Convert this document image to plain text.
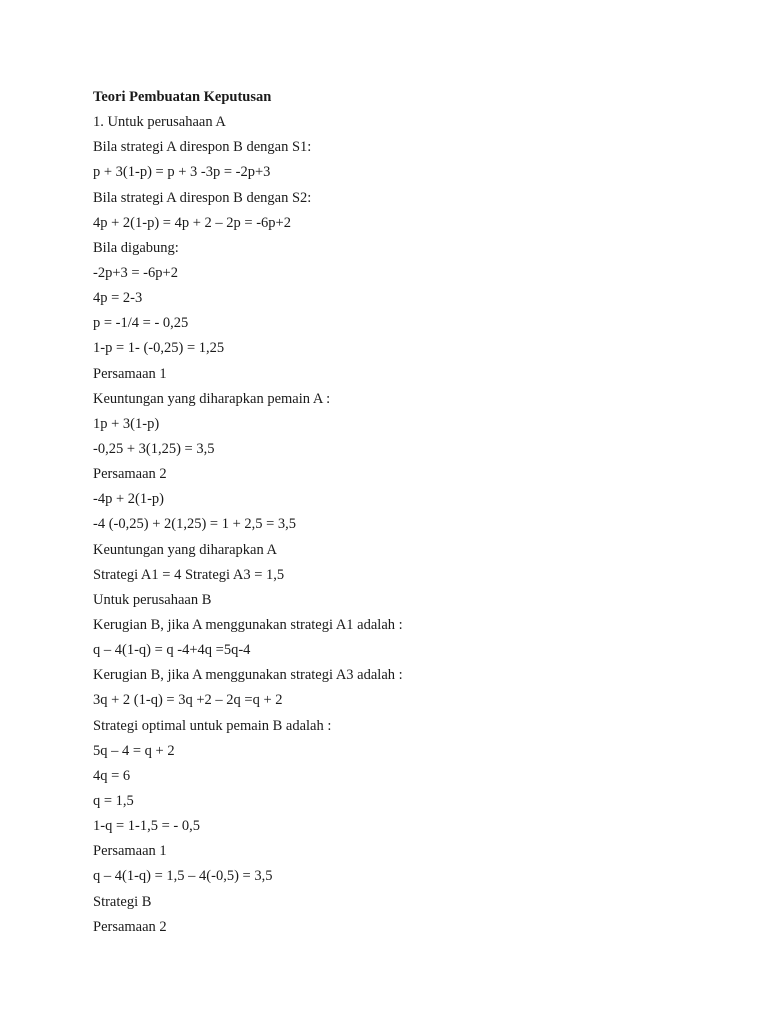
Teori Pembuatan Keputusan
1. Untuk perusahaan A
Bila strategi A direspon B dengan S1:
p + 3(1-p) = p + 3 -3p = -2p+3
Bila strategi A direspon B dengan S2:
4p + 2(1-p) = 4p + 2 – 2p = -6p+2
Bila digabung:
-2p+3 = -6p+2
4p = 2-3
p = -1/4 = - 0,25
1-p = 1- (-0,25) = 1,25
Persamaan 1
Keuntungan yang diharapkan pemain A :
1p + 3(1-p)
-0,25 + 3(1,25) = 3,5
Persamaan 2
-4p + 2(1-p)
-4 (-0,25) + 2(1,25) = 1 + 2,5 = 3,5
Keuntungan yang diharapkan A
Strategi A1 = 4 Strategi A3 = 1,5
Untuk perusahaan B
Kerugian B, jika A menggunakan strategi A1 adalah :
q – 4(1-q) = q -4+4q =5q-4
Kerugian B, jika A menggunakan strategi A3 adalah :
3q + 2 (1-q) = 3q +2 – 2q =q + 2
Strategi optimal untuk pemain B adalah :
5q – 4 = q + 2
4q = 6
q = 1,5
1-q = 1-1,5 = - 0,5
Persamaan 1
q – 4(1-q) = 1,5 – 4(-0,5) = 3,5
Strategi B
Persamaan 2
